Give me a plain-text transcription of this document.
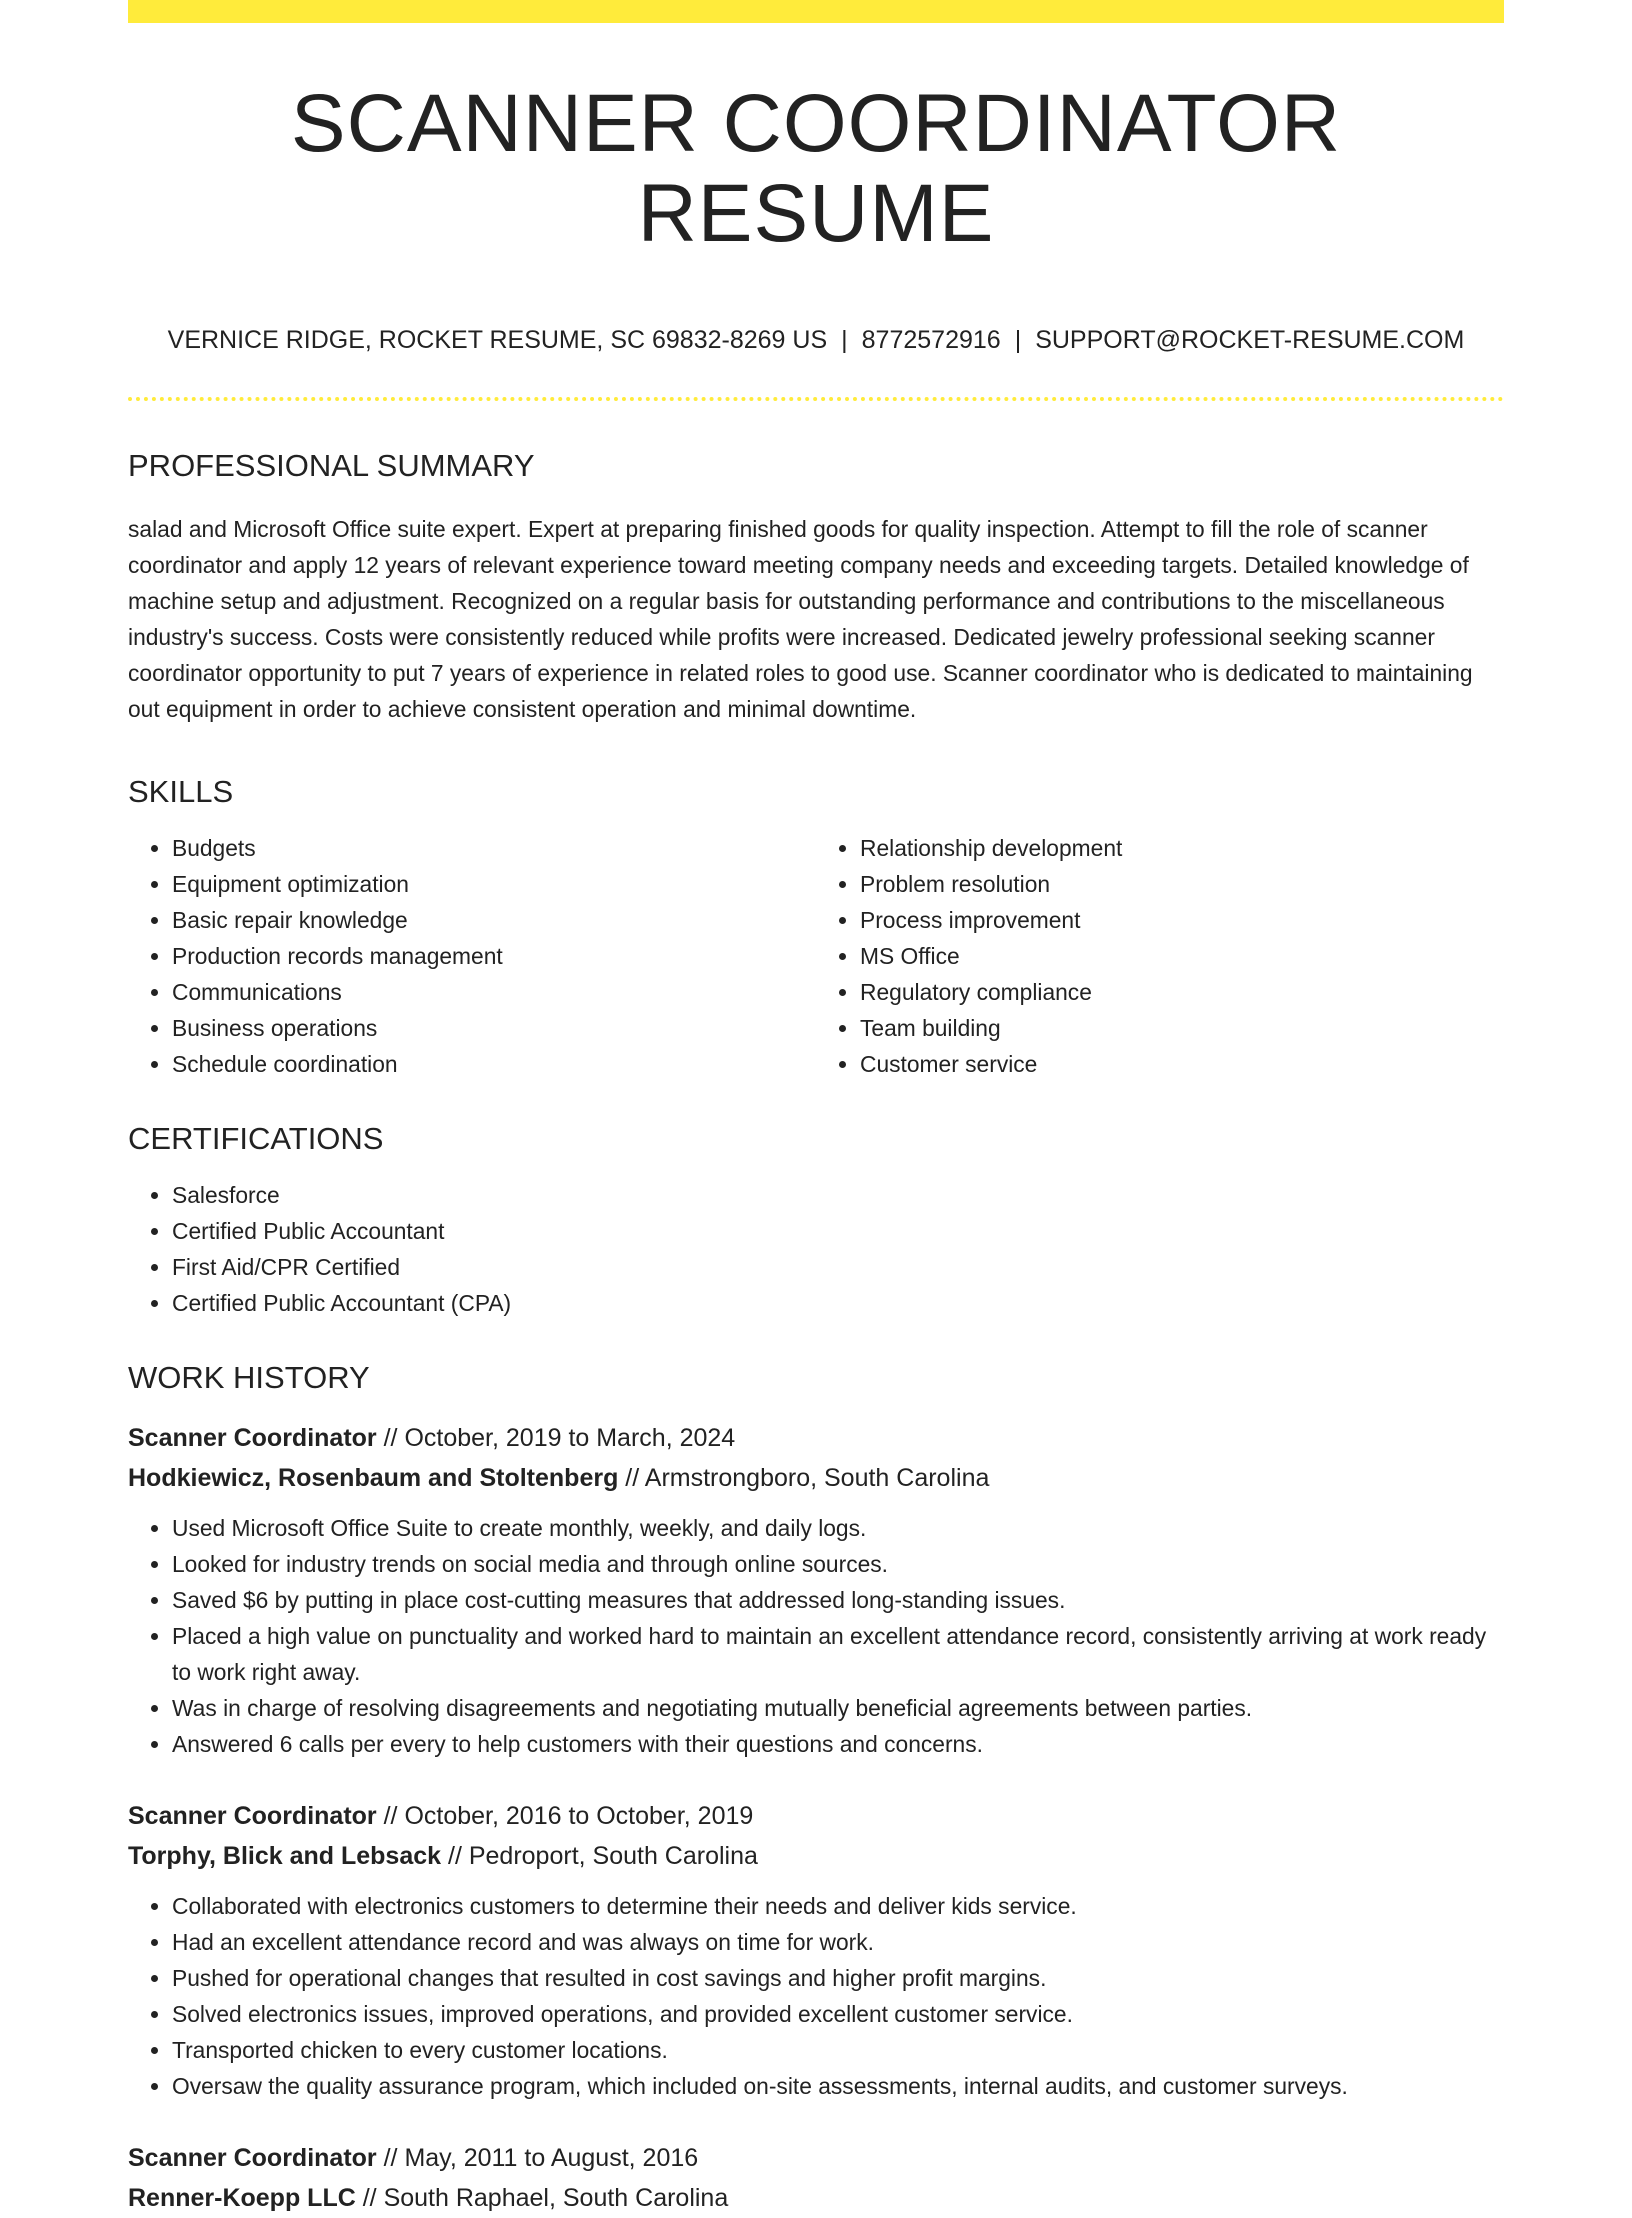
SCANNER COORDINATOR RESUME
VERNICE RIDGE, ROCKET RESUME, SC 69832-8269 US | 8772572916 | SUPPORT@ROCKET-RESUME.COM
PROFESSIONAL SUMMARY

salad and Microsoft Office suite expert. Expert at preparing finished goods for quality inspection. Attempt to fill the role of scanner coordinator and apply 12 years of relevant experience toward meeting company needs and exceeding targets. Detailed knowledge of machine setup and adjustment. Recognized on a regular basis for outstanding performance and contributions to the miscellaneous industry's success. Costs were consistently reduced while profits were increased. Dedicated jewelry professional seeking scanner coordinator opportunity to put 7 years of experience in related roles to good use. Scanner coordinator who is dedicated to maintaining out equipment in order to achieve consistent operation and minimal downtime.

SKILLS
• Budgets
• Equipment optimization
• Basic repair knowledge
• Production records management
• Communications
• Business operations
• Schedule coordination
• Relationship development
• Problem resolution
• Process improvement
• MS Office
• Regulatory compliance
• Team building
• Customer service
CERTIFICATIONS
• Salesforce
• Certified Public Accountant
• First Aid/CPR Certified
• Certified Public Accountant (CPA)
WORK HISTORY
Scanner Coordinator // October, 2019 to March, 2024
Hodkiewicz, Rosenbaum and Stoltenberg // Armstrongboro, South Carolina
• Used Microsoft Office Suite to create monthly, weekly, and daily logs.
• Looked for industry trends on social media and through online sources.
• Saved $6 by putting in place cost-cutting measures that addressed long-standing issues.
• Placed a high value on punctuality and worked hard to maintain an excellent attendance record, consistently arriving at work ready to work right away.
• Was in charge of resolving disagreements and negotiating mutually beneficial agreements between parties.
• Answered 6 calls per every to help customers with their questions and concerns.
Scanner Coordinator // October, 2016 to October, 2019
Torphy, Blick and Lebsack // Pedroport, South Carolina
• Collaborated with electronics customers to determine their needs and deliver kids service.
• Had an excellent attendance record and was always on time for work.
• Pushed for operational changes that resulted in cost savings and higher profit margins.
• Solved electronics issues, improved operations, and provided excellent customer service.
• Transported chicken to every customer locations.
• Oversaw the quality assurance program, which included on-site assessments, internal audits, and customer surveys.
Scanner Coordinator // May, 2011 to August, 2016
Renner-Koepp LLC // South Raphael, South Carolina
